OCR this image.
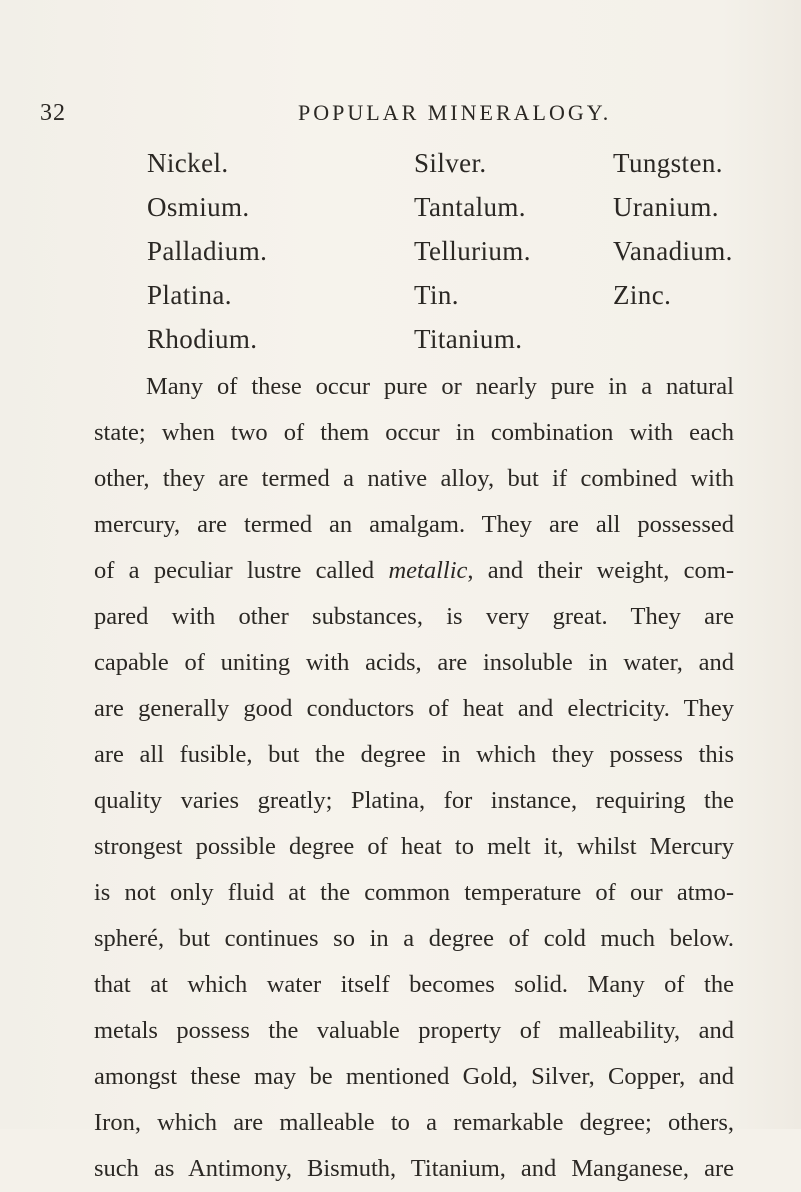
32	POPULAR MINERALOGY.
Nickel.	Silver.	Tungsten.
Osmium.	Tantalum.	Uranium.
Palladium.	Tellurium.	Vanadium.
Platina.	Tin.	Zinc.
Rhodium.	Titanium.
Many of these occur pure or nearly pure in a natural
state; when two of them occur in combination with each
other, they are termed a native alloy, but if combined with
mercury, are termed an amalgam. They are all possessed
of a peculiar lustre called metallic, and their weight, com-
pared with other substances, is very great. They are
capable of uniting with acids, are insoluble in water, and
are generally good conductors of heat and electricity. They
are all fusible, but the degree in which they possess this
quality varies greatly; Platina, for instance, requiring the
strongest possible degree of heat to melt it, whilst Mercury
is not only fluid at the common temperature of our atmo-
spheré, but continues so in a degree of cold much below.
that at which water itself becomes solid. Many of the
metals possess the valuable property of malleability, and
amongst these may be mentioned Gold, Silver, Copper, and
Iron, which are malleable to a remarkable degree; others,
such as Antimony, Bismuth, Titanium, and Manganese, are
